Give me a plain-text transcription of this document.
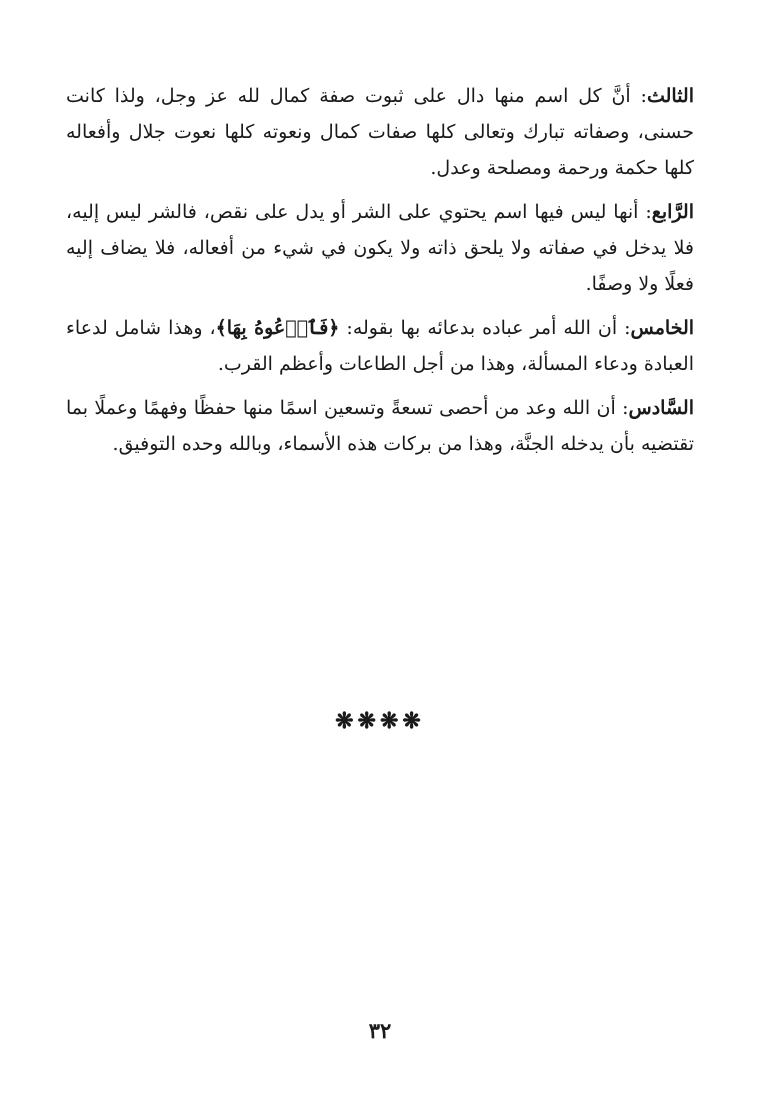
الثالث: أنَّ كل اسم منها دال على ثبوت صفة كمال لله عز وجل، ولذا كانت حسنى، وصفاته تبارك وتعالى كلها صفات كمال ونعوته كلها نعوت جلال وأفعاله كلها حكمة ورحمة ومصلحة وعدل.

الرَّابع: أنها ليس فيها اسم يحتوي على الشر أو يدل على نقص، فالشر ليس إليه، فلا يدخل في صفاته ولا يلحق ذاته ولا يكون في شيء من أفعاله، فلا يضاف إليه فعلًا ولا وصفًا.

الخامس: أن الله أمر عباده بدعائه بها بقوله: ﴿فَٱدۡعُوهُ بِهَا﴾، وهذا شامل لدعاء العبادة ودعاء المسألة، وهذا من أجل الطاعات وأعظم القرب.

السَّادس: أن الله وعد من أحصى تسعةً وتسعين اسمًا منها حفظًا وفهمًا وعملًا بما تقتضيه بأن يدخله الجنَّة، وهذا من بركات هذه الأسماء، وبالله وحده التوفيق.

❋❋❋❋
٣٢
